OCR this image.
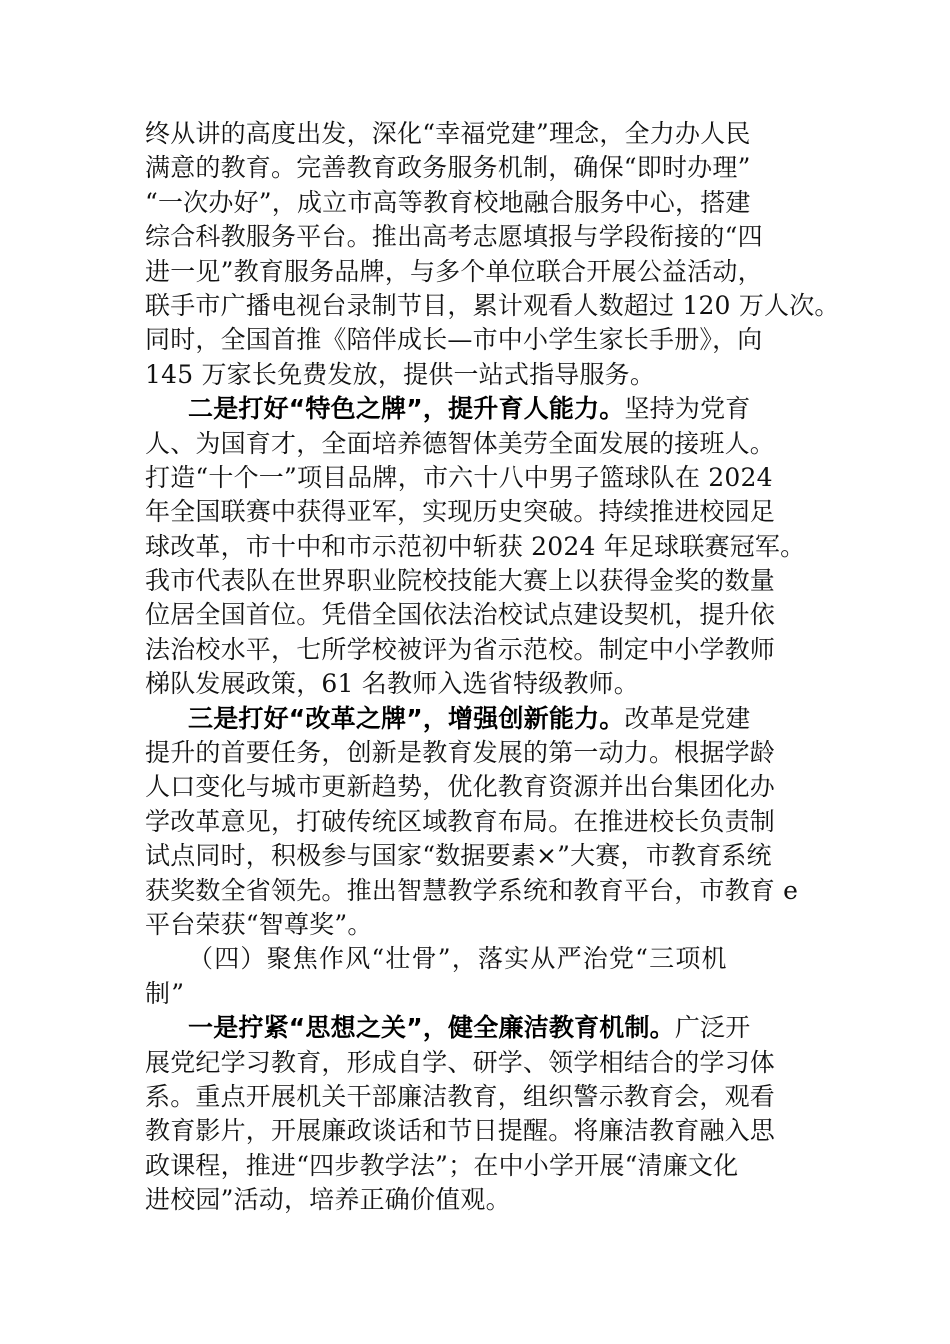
终从讲的高度出发，深化“幸福党建”理念，全力办人民
满意的教育。完善教育政务服务机制，确保“即时办理”
“一次办好”，成立市高等教育校地融合服务中心，搭建
综合科教服务平台。推出高考志愿填报与学段衔接的“四
进一见”教育服务品牌，与多个单位联合开展公益活动，
联手市广播电视台录制节目，累计观看人数超过 120 万人次。
同时，全国首推《陪伴成长—市中小学生家长手册》，向
145 万家长免费发放，提供一站式指导服务。
二是打好“特色之牌”，提升育人能力。坚持为党育
人、为国育才，全面培养德智体美劳全面发展的接班人。
打造“十个一”项目品牌，市六十八中男子篮球队在 2024
年全国联赛中获得亚军，实现历史突破。持续推进校园足
球改革，市十中和市示范初中斩获 2024 年足球联赛冠军。
我市代表队在世界职业院校技能大赛上以获得金奖的数量
位居全国首位。凭借全国依法治校试点建设契机，提升依
法治校水平，七所学校被评为省示范校。制定中小学教师
梯队发展政策，61 名教师入选省特级教师。
三是打好“改革之牌”，增强创新能力。改革是党建
提升的首要任务，创新是教育发展的第一动力。根据学龄
人口变化与城市更新趋势，优化教育资源并出台集团化办
学改革意见，打破传统区域教育布局。在推进校长负责制
试点同时，积极参与国家“数据要素×”大赛，市教育系统
获奖数全省领先。推出智慧教学系统和教育平台，市教育 e
平台荣获“智尊奖”。
（四）聚焦作风“壮骨”，落实从严治党“三项机
制”
一是拧紧“思想之关”，健全廉洁教育机制。广泛开
展党纪学习教育，形成自学、研学、领学相结合的学习体
系。重点开展机关干部廉洁教育，组织警示教育会，观看
教育影片，开展廉政谈话和节日提醒。将廉洁教育融入思
政课程，推进“四步教学法”；在中小学开展“清廉文化
进校园”活动，培养正确价值观。
